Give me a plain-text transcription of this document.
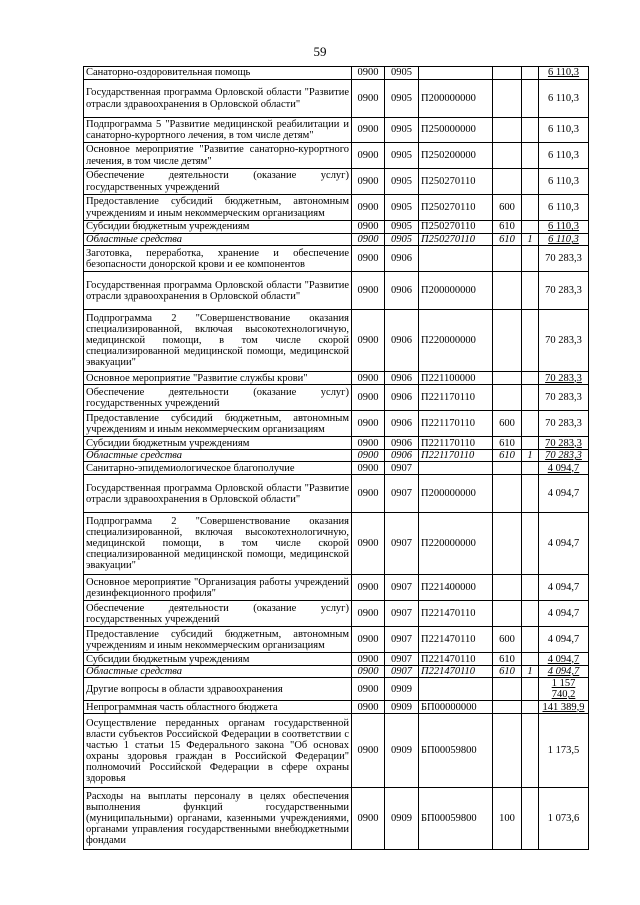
59
Санаторно-оздоровительная помощь	0900	0905				6 110,3
Государственная программа Орловской области "Развитие отрасли здравоохранения в Орловской области"	0900	0905	П200000000			6 110,3
Подпрограмма 5 "Развитие медицинской реабилитации и санаторно-курортного лечения, в том числе детям"	0900	0905	П250000000			6 110,3
Основное мероприятие "Развитие санаторно-курортного лечения, в том числе детям"	0900	0905	П250200000			6 110,3
Обеспечение деятельности (оказание услуг) государственных учреждений	0900	0905	П250270110			6 110,3
Предоставление субсидий бюджетным, автономным учреждениям и иным некоммерческим организациям	0900	0905	П250270110	600		6 110,3
Субсидии бюджетным учреждениям	0900	0905	П250270110	610		6 110,3
Областные средства	0900	0905	П250270110	610	1	6 110,3
Заготовка, переработка, хранение и обеспечение безопасности донорской крови и ее компонентов	0900	0906				70 283,3
Государственная программа Орловской области "Развитие отрасли здравоохранения в Орловской области"	0900	0906	П200000000			70 283,3
Подпрограмма 2 "Совершенствование оказания специализированной, включая высокотехнологичную, медицинской помощи, в том числе скорой специализированной медицинской помощи, медицинской эвакуации"	0900	0906	П220000000			70 283,3
Основное мероприятие "Развитие службы крови"	0900	0906	П221100000			70 283,3
Обеспечение деятельности (оказание услуг) государственных учреждений	0900	0906	П221170110			70 283,3
Предоставление субсидий бюджетным, автономным учреждениям и иным некоммерческим организациям	0900	0906	П221170110	600		70 283,3
Субсидии бюджетным учреждениям	0900	0906	П221170110	610		70 283,3
Областные средства	0900	0906	П221170110	610	1	70 283,3
Санитарно-эпидемиологическое благополучие	0900	0907				4 094,7
Государственная программа Орловской области "Развитие отрасли здравоохранения в Орловской области"	0900	0907	П200000000			4 094,7
Подпрограмма 2 "Совершенствование оказания специализированной, включая высокотехнологичную, медицинской помощи, в том числе скорой специализированной медицинской помощи, медицинской эвакуации"	0900	0907	П220000000			4 094,7
Основное мероприятие "Организация работы учреждений дезинфекционного профиля"	0900	0907	П221400000			4 094,7
Обеспечение деятельности (оказание услуг) государственных учреждений	0900	0907	П221470110			4 094,7
Предоставление субсидий бюджетным, автономным учреждениям и иным некоммерческим организациям	0900	0907	П221470110	600		4 094,7
Субсидии бюджетным учреждениям	0900	0907	П221470110	610		4 094,7
Областные средства	0900	0907	П221470110	610	1	4 094,7
Другие вопросы в области здравоохранения	0900	0909				1 157 740,2
Непрограммная часть областного бюджета	0900	0909	БП00000000			141 389,9
Осуществление переданных органам государственной власти субъектов Российской Федерации в соответствии с частью 1 статьи 15 Федерального закона "Об основах охраны здоровья граждан в Российской Федерации" полномочий Российской Федерации в сфере охраны здоровья	0900	0909	БП00059800			1 173,5
Расходы на выплаты персоналу в целях обеспечения выполнения функций государственными (муниципальными) органами, казенными учреждениями, органами управления государственными внебюджетными фондами	0900	0909	БП00059800	100		1 073,6
